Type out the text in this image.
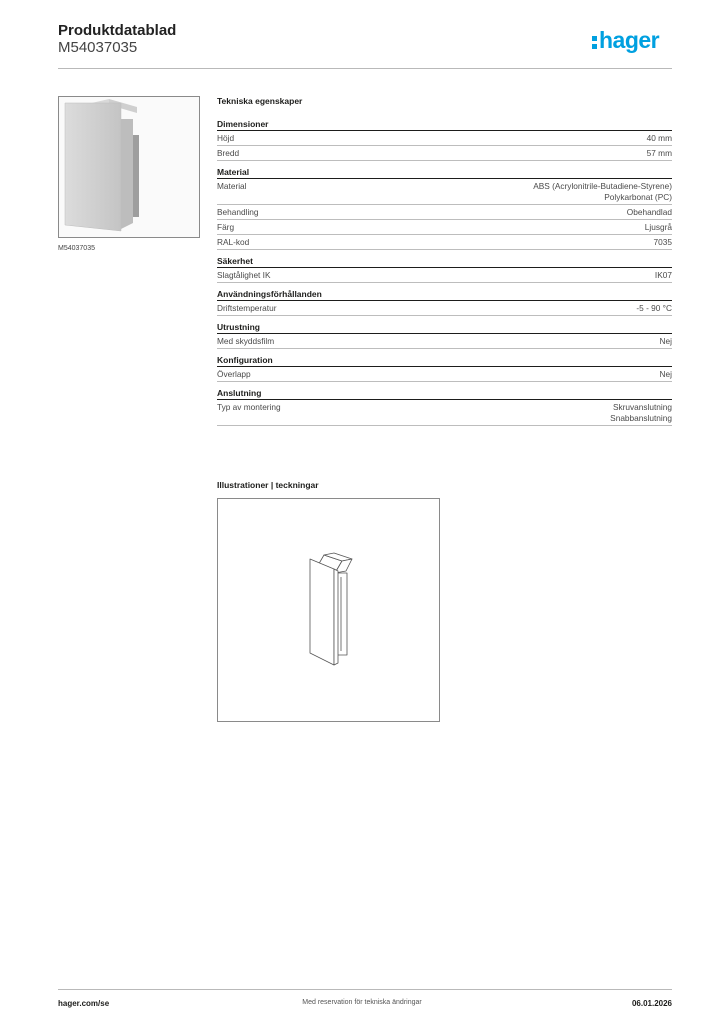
Produktdatablad
M54037035	hager
M54037035
Tekniska egenskaper
Dimensioner
Höjd	40 mm
Bredd	57 mm
Material
Material	ABS (Acrylonitrile-Butadiene-Styrene)
Polykarbonat (PC)
Behandling	Obehandlad
Färg	Ljusgrå
RAL-kod	7035
Säkerhet
Slagtålighet IK	IK07
Användningsförhållanden
Driftstemperatur	-5 - 90 °C
Utrustning
Med skyddsfilm	Nej
Konfiguration
Överlapp	Nej
Anslutning
Typ av montering	Skruvanslutning
Snabbanslutning
Illustrationer | teckningar
hager.com/se	Med reservation för tekniska ändringar	06.01.2026
